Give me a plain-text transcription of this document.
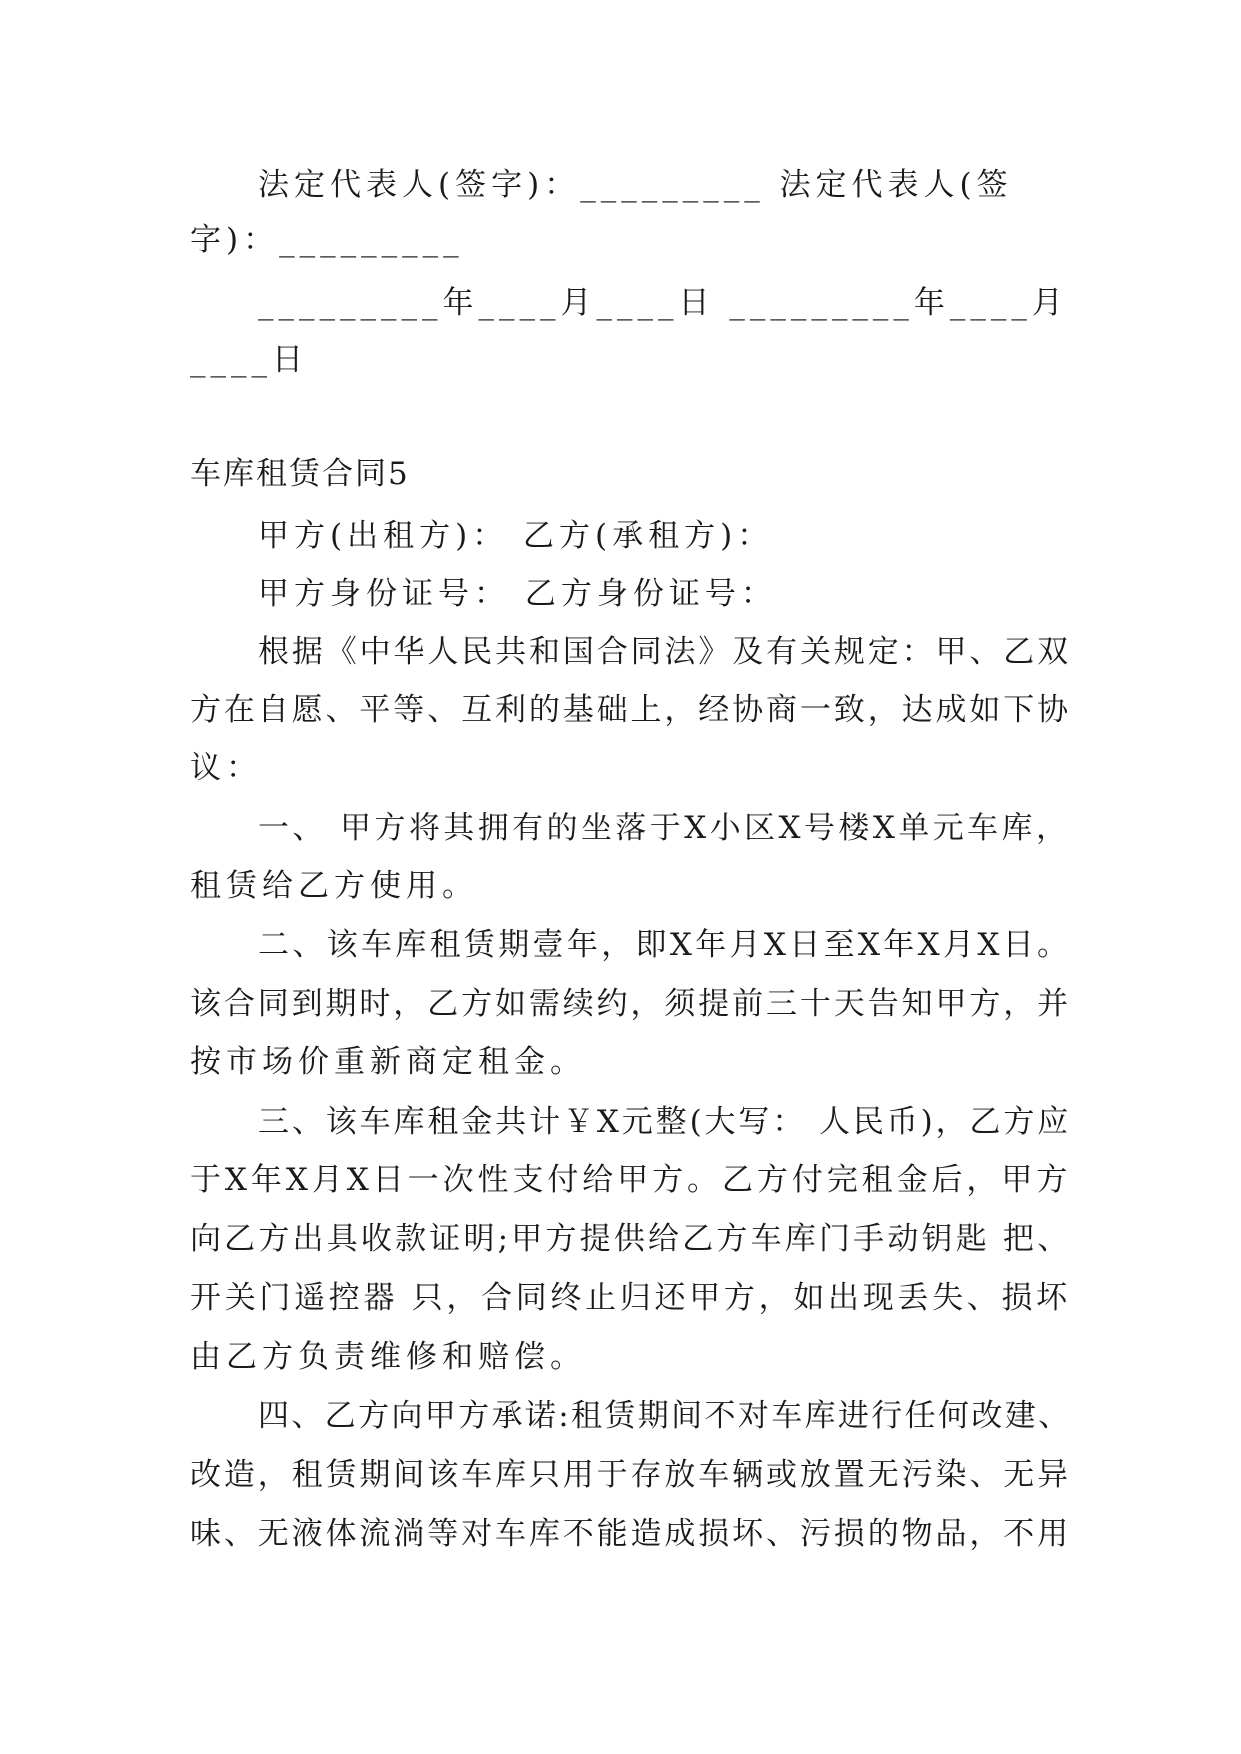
法定代表人(签字)：_________ 法定代表人(签
字)：_________
_________年____月____日 _________年____月
____日
车库租赁合同5
甲方(出租方)： 乙方(承租方)：
甲方身份证号： 乙方身份证号：
根据《中华人民共和国合同法》及有关规定：甲、乙双
方在自愿、平等、互利的基础上，经协商一致，达成如下协
议：
一、 甲方将其拥有的坐落于X小区X号楼X单元车库，
租赁给乙方使用。
二、该车库租赁期壹年，即X年月X日至X年X月X日。
该合同到期时，乙方如需续约，须提前三十天告知甲方，并
按市场价重新商定租金。
三、该车库租金共计￥X元整(大写： 人民币)，乙方应
于X年X月X日一次性支付给甲方。乙方付完租金后，甲方
向乙方出具收款证明;甲方提供给乙方车库门手动钥匙 把、
开关门遥控器 只，合同终止归还甲方，如出现丢失、损坏
由乙方负责维修和赔偿。
四、乙方向甲方承诺:租赁期间不对车库进行任何改建、
改造，租赁期间该车库只用于存放车辆或放置无污染、无异
味、无液体流淌等对车库不能造成损坏、污损的物品，不用
